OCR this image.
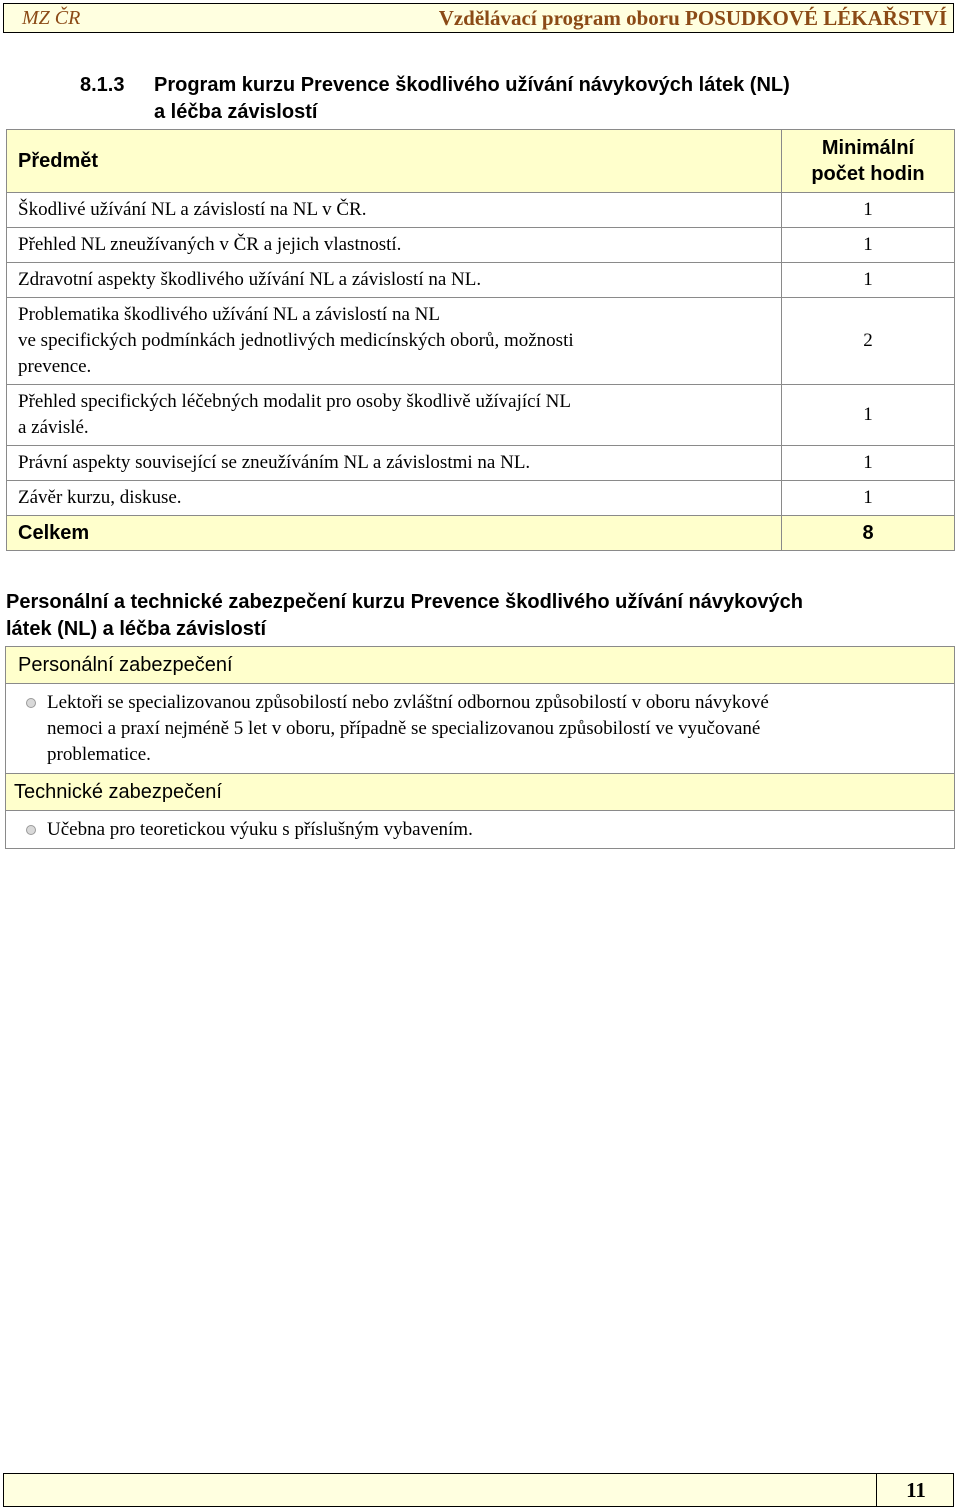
MZ ČR	Vzdělávací program oboru POSUDKOVÉ LÉKAŘSTVÍ
8.1.3	Program kurzu Prevence škodlivého užívání návykových látek (NL)
a léčba závislostí
Předmět	Minimální
počet hodin
Škodlivé užívání NL a závislostí na NL v ČR.	1
Přehled NL zneužívaných v ČR a jejich vlastností.	1
Zdravotní aspekty škodlivého užívání NL a závislostí na NL.	1
Problematika škodlivého užívání NL a závislostí na NL
ve specifických podmínkách jednotlivých medicínských oborů, možnosti
prevence.	2
Přehled specifických léčebných modalit pro osoby škodlivě užívající NL
a závislé.	1
Právní aspekty související se zneužíváním NL a závislostmi na NL.	1
Závěr kurzu, diskuse.	1
Celkem	8
Personální a technické zabezpečení kurzu Prevence škodlivého užívání návykových
látek (NL) a léčba závislostí
Personální zabezpečení
Lektoři se specializovanou způsobilostí nebo zvláštní odbornou způsobilostí v oboru návykové
nemoci a praxí nejméně 5 let v oboru, případně se specializovanou způsobilostí ve vyučované
problematice.
Technické zabezpečení
Učebna pro teoretickou výuku s příslušným vybavením.
11
